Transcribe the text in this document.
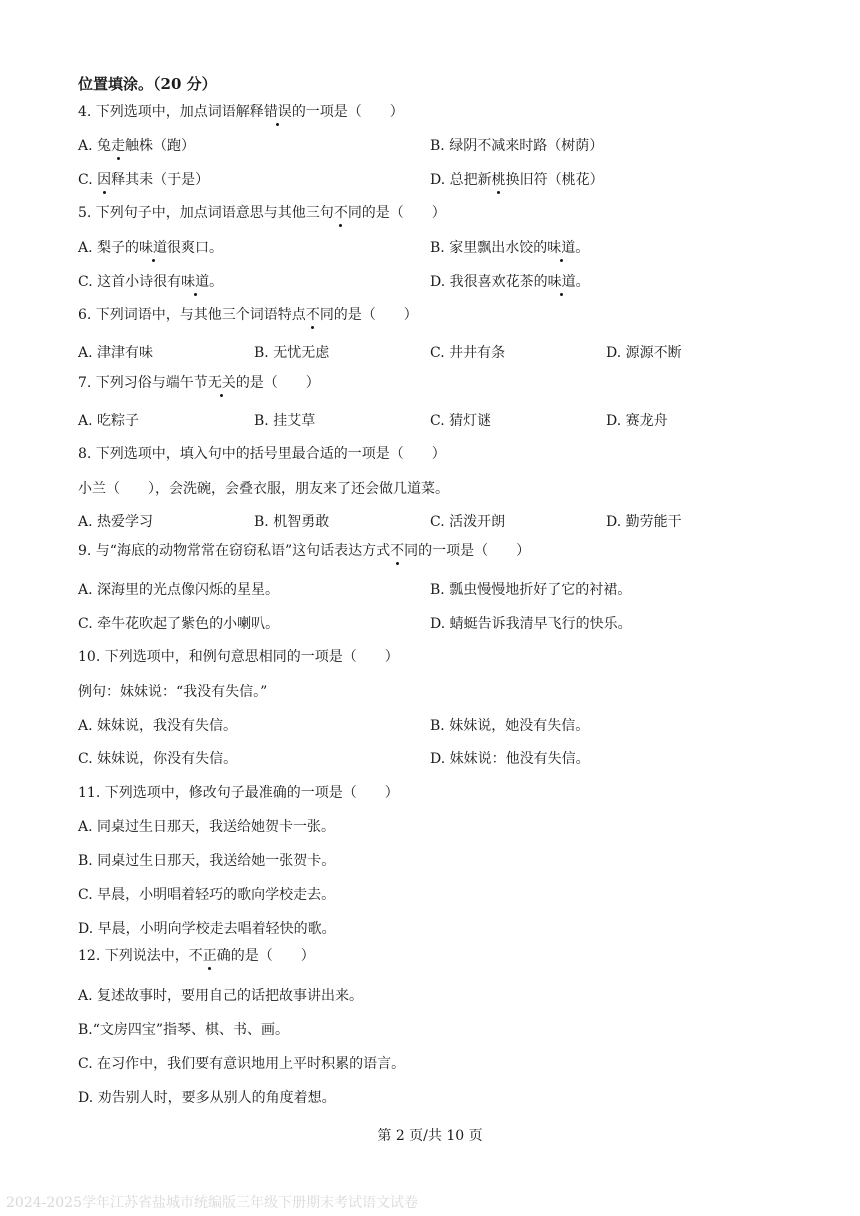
位置填涂。（20 分）
4. 下列选项中，加点词语解释错误的一项是（　　）
A. 兔走触株（跑）	B. 绿阴不减来时路（树荫）
C. 因释其耒（于是）	D. 总把新桃换旧符（桃花）
5. 下列句子中，加点词语意思与其他三句不同的是（　　）
A. 梨子的味道很爽口。	B. 家里飘出水饺的味道。
C. 这首小诗很有味道。	D. 我很喜欢花茶的味道。
6. 下列词语中，与其他三个词语特点不同的是（　　）
A. 津津有味	B. 无忧无虑	C. 井井有条	D. 源源不断
7. 下列习俗与端午节无关的是（　　）
A. 吃粽子	B. 挂艾草	C. 猜灯谜	D. 赛龙舟
8. 下列选项中，填入句中的括号里最合适的一项是（　　）
小兰（　　），会洗碗，会叠衣服，朋友来了还会做几道菜。
A. 热爱学习	B. 机智勇敢	C. 活泼开朗	D. 勤劳能干
9. 与“海底的动物常常在窃窃私语”这句话表达方式不同的一项是（　　）
A. 深海里的光点像闪烁的星星。	B. 瓢虫慢慢地折好了它的衬裙。
C. 牵牛花吹起了紫色的小喇叭。	D. 蜻蜓告诉我清早飞行的快乐。
10. 下列选项中，和例句意思相同的一项是（　　）
例句：妹妹说：“我没有失信。”
A. 妹妹说，我没有失信。	B. 妹妹说，她没有失信。
C. 妹妹说，你没有失信。	D. 妹妹说：他没有失信。
11. 下列选项中，修改句子最准确的一项是（　　）
A. 同桌过生日那天，我送给她贺卡一张。
B. 同桌过生日那天，我送给她一张贺卡。
C. 早晨，小明唱着轻巧的歌向学校走去。
D. 早晨，小明向学校走去唱着轻快的歌。
12. 下列说法中，不正确的是（　　）
A. 复述故事时，要用自己的话把故事讲出来。
B.“文房四宝”指琴、棋、书、画。
C. 在习作中，我们要有意识地用上平时积累的语言。
D. 劝告别人时，要多从别人的角度着想。
第 2 页/共 10 页
2024-2025学年江苏省盐城市统编版三年级下册期末考试语文试卷
